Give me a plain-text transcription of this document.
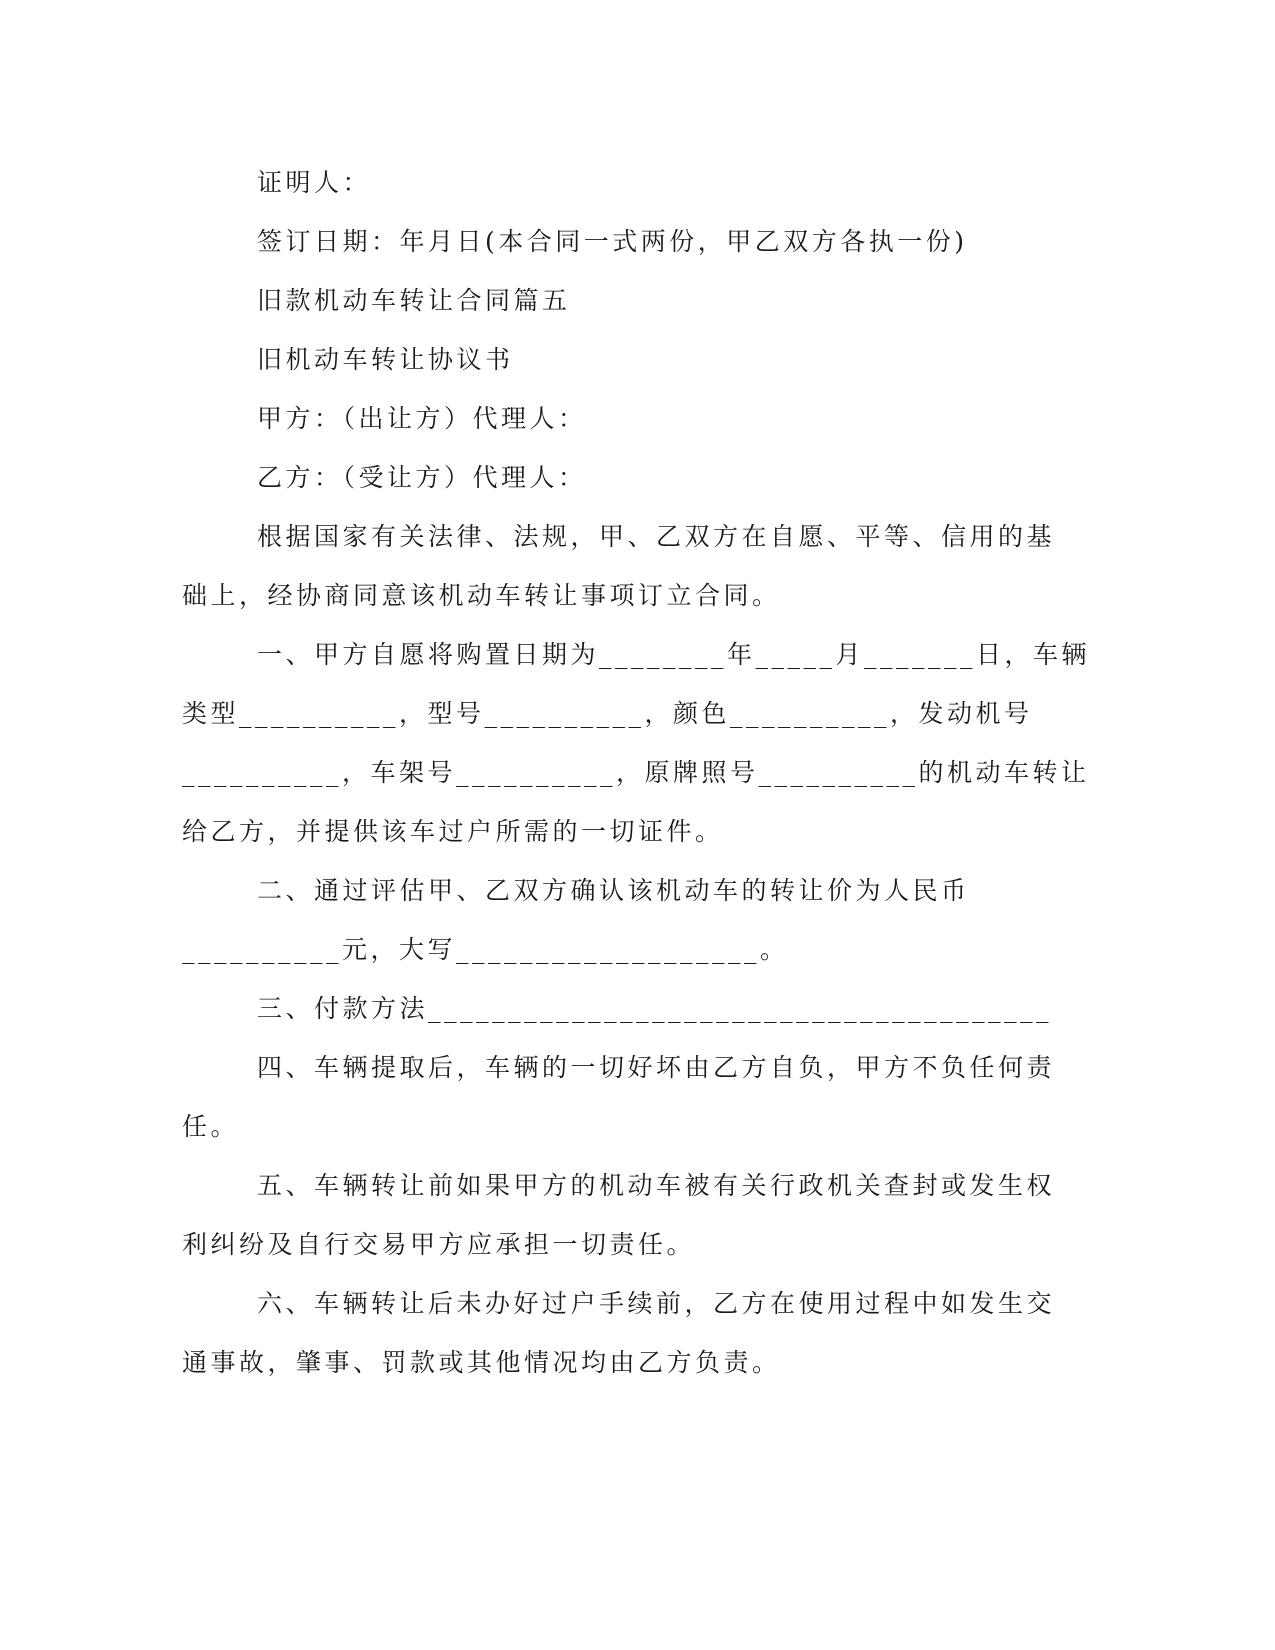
证明人：

签订日期：年月日(本合同一式两份，甲乙双方各执一份)

旧款机动车转让合同篇五

旧机动车转让协议书

甲方：（出让方）代理人：

乙方：（受让方）代理人：

根据国家有关法律、法规，甲、乙双方在自愿、平等、信用的基

础上，经协商同意该机动车转让事项订立合同。

一、甲方自愿将购置日期为________年_____月_______日，车辆

类型__________，型号__________，颜色__________，发动机号

__________，车架号__________，原牌照号__________的机动车转让

给乙方，并提供该车过户所需的一切证件。

二、通过评估甲、乙双方确认该机动车的转让价为人民币

__________元，大写___________________。

三、付款方法_______________________________________

四、车辆提取后，车辆的一切好坏由乙方自负，甲方不负任何责

任。

五、车辆转让前如果甲方的机动车被有关行政机关查封或发生权

利纠纷及自行交易甲方应承担一切责任。

六、车辆转让后未办好过户手续前，乙方在使用过程中如发生交

通事故，肇事、罚款或其他情况均由乙方负责。
